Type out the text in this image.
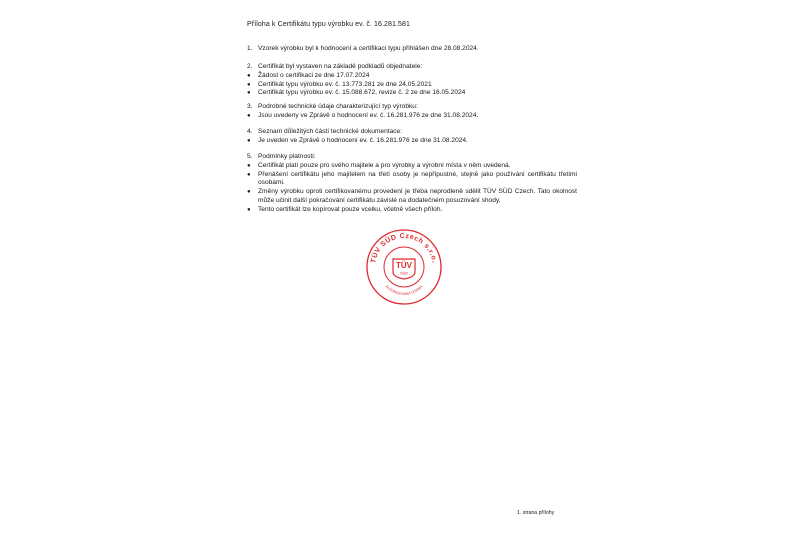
Příloha k Certifikátu typu výrobku ev. č. 16.281.581
1. Vzorek výrobku byl k hodnocení a certifikaci typu přihlášen dne 28.08.2024.
2. Certifikát byl vystaven na základě podkladů objednatele:
●	Žádost o certifikaci ze dne 17.07.2024
●	Certifikát typu výrobku ev. č. 13.773.281 ze dne 24.05.2021
●	Certifikát typu výrobku ev. č. 15.088.672, revize č. 2 ze dne 16.05.2024
3. Podrobné technické údaje charakterizující typ výrobku:
●	Jsou uvedeny ve Zprávě o hodnocení ev. č. 16.281.976 ze dne 31.08.2024.
4. Seznam důležitých částí technické dokumentace:
●	Je uveden ve Zprávě o hodnocení ev. č. 16.281.976 ze dne 31.08.2024.
5. Podmínky platnosti:
●	Certifikát platí pouze pro svého majitele a pro výrobky a výrobní místa v něm uvedená.
●	Přenášení certifikátu jeho majitelem na třetí osoby je nepřípustné, stejně jako používání certifikátu třetími osobami.
●	Změny výrobku oproti certifikovanému provedení je třeba neprodleně sdělit TÜV SÜD Czech. Tato okolnost může učinit další pokračování certifikátu závislé na dodatečném posuzování shody.
●	Tento certifikát lze kopírovat pouze vcelku, včetně všech příloh.
TÜV SÜD Czech s.r.o.
AUTORIZOVANÁ OSOBA
TÜV
SÜD
1. strana přílohy
